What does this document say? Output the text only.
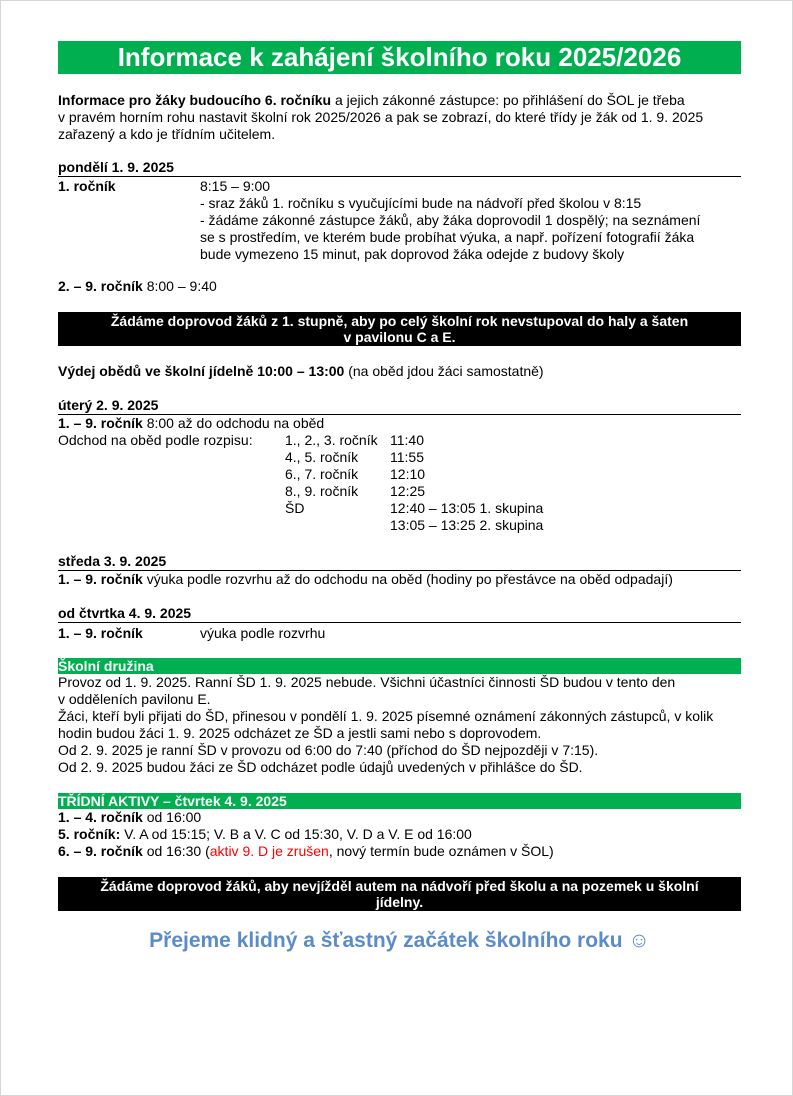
Informace k zahájení školního roku 2025/2026
Informace pro žáky budoucího 6. ročníku a jejich zákonné zástupce: po přihlášení do ŠOL je třeba
v pravém horním rohu nastavit školní rok 2025/2026 a pak se zobrazí, do které třídy je žák od 1. 9. 2025
zařazený a kdo je třídním učitelem.
pondělí 1. 9. 2025
1. ročník	8:15 – 9:00
- sraz žáků 1. ročníku s vyučujícími bude na nádvoří před školou v 8:15
- žádáme zákonné zástupce žáků, aby žáka doprovodil 1 dospělý; na seznámení
se s prostředím, ve kterém bude probíhat výuka, a např. pořízení fotografií žáka
bude vymezeno 15 minut, pak doprovod žáka odejde z budovy školy
2. – 9. ročník 8:00 – 9:40
Žádáme doprovod žáků z 1. stupně, aby po celý školní rok nevstupoval do haly a šaten
v pavilonu C a E.
Výdej obědů ve školní jídelně 10:00 – 13:00 (na oběd jdou žáci samostatně)
úterý 2. 9. 2025
1. – 9. ročník 8:00 až do odchodu na oběd
Odchod na oběd podle rozpisu: 1., 2., 3. ročník
4., 5. ročník
6., 7. ročník
8., 9. ročník
ŠD
11:40
11:55
12:10
12:25
12:40 – 13:05 1. skupina
13:05 – 13:25 2. skupina
středa 3. 9. 2025
1. – 9. ročník výuka podle rozvrhu až do odchodu na oběd (hodiny po přestávce na oběd odpadají)
od čtvrtka 4. 9. 2025
1. – 9. ročník	výuka podle rozvrhu
Školní družina
Provoz od 1. 9. 2025. Ranní ŠD 1. 9. 2025 nebude. Všichni účastníci činnosti ŠD budou v tento den
v odděleních pavilonu E.
Žáci, kteří byli přijati do ŠD, přinesou v pondělí 1. 9. 2025 písemné oznámení zákonných zástupců, v kolik
hodin budou žáci 1. 9. 2025 odcházet ze ŠD a jestli sami nebo s doprovodem.
Od 2. 9. 2025 je ranní ŠD v provozu od 6:00 do 7:40 (příchod do ŠD nejpozději v 7:15).
Od 2. 9. 2025 budou žáci ze ŠD odcházet podle údajů uvedených v přihlášce do ŠD.
TŘÍDNÍ AKTIVY – čtvrtek 4. 9. 2025
1. – 4. ročník od 16:00
5. ročník: V. A od 15:15; V. B a V. C od 15:30, V. D a V. E od 16:00
6. – 9. ročník od 16:30 (aktiv 9. D je zrušen, nový termín bude oznámen v ŠOL)
Žádáme doprovod žáků, aby nevjížděl autem na nádvoří před školu a na pozemek u školní
jídelny.
Přejeme klidný a šťastný začátek školního roku ☺
